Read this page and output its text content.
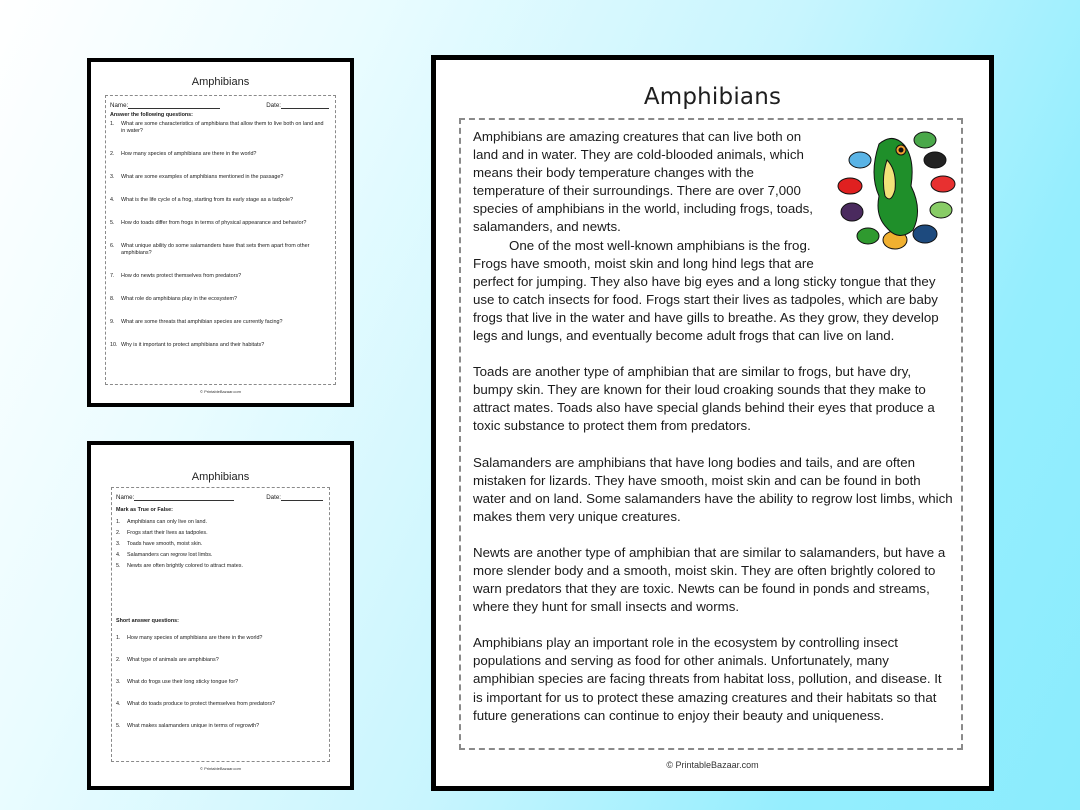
Amphibians
Name:	Date:
Answer the following questions:
1.	What are some characteristics of amphibians that allow them to live both on land and in water?
2.	How many species of amphibians are there in the world?
3.	What are some examples of amphibians mentioned in the passage?
4.	What is the life cycle of a frog, starting from its early stage as a tadpole?
5.	How do toads differ from frogs in terms of physical appearance and behavior?
6.	What unique ability do some salamanders have that sets them apart from other amphibians?
7.	How do newts protect themselves from predators?
8.	What role do amphibians play in the ecosystem?
9.	What are some threats that amphibian species are currently facing?
10. Why is it important to protect amphibians and their habitats?
© PrintableBazaar.com
Amphibians
Name:	Date:
Mark as True or False:
1.	Amphibians can only live on land.
2.	Frogs start their lives as tadpoles.
3.	Toads have smooth, moist skin.
4.	Salamanders can regrow lost limbs.
5.	Newts are often brightly colored to attract mates.
Short answer questions:
1.	How many species of amphibians are there in the world?
2.	What type of animals are amphibians?
3.	What do frogs use their long sticky tongue for?
4.	What do toads produce to protect themselves from predators?
5.	What makes salamanders unique in terms of regrowth?
© PrintableBazaar.com
Amphibians

Amphibians are amazing creatures that can live both on land and in water. They are cold-blooded animals, which means their body temperature changes with the temperature of their surroundings. There are over 7,000 species of amphibians in the world, including frogs, toads, salamanders, and newts.

One of the most well-known amphibians is the frog. Frogs have smooth, moist skin and long hind legs that are perfect for jumping. They also have big eyes and a long sticky tongue that they use to catch insects for food. Frogs start their lives as tadpoles, which are baby frogs that live in the water and have gills to breathe. As they grow, they develop legs and lungs, and eventually become adult frogs that can live on land.

Toads are another type of amphibian that are similar to frogs, but have dry, bumpy skin. They are known for their loud croaking sounds that they make to attract mates. Toads also have special glands behind their eyes that produce a toxic substance to protect them from predators.

Salamanders are amphibians that have long bodies and tails, and are often mistaken for lizards. They have smooth, moist skin and can be found in both water and on land. Some salamanders have the ability to regrow lost limbs, which makes them very unique creatures.

Newts are another type of amphibian that are similar to salamanders, but have a more slender body and a smooth, moist skin. They are often brightly colored to warn predators that they are toxic. Newts can be found in ponds and streams, where they hunt for small insects and worms.

Amphibians play an important role in the ecosystem by controlling insect populations and serving as food for other animals. Unfortunately, many amphibian species are facing threats from habitat loss, pollution, and disease. It is important for us to protect these amazing creatures and their habitats so that future generations can continue to enjoy their beauty and uniqueness.

© PrintableBazaar.com
